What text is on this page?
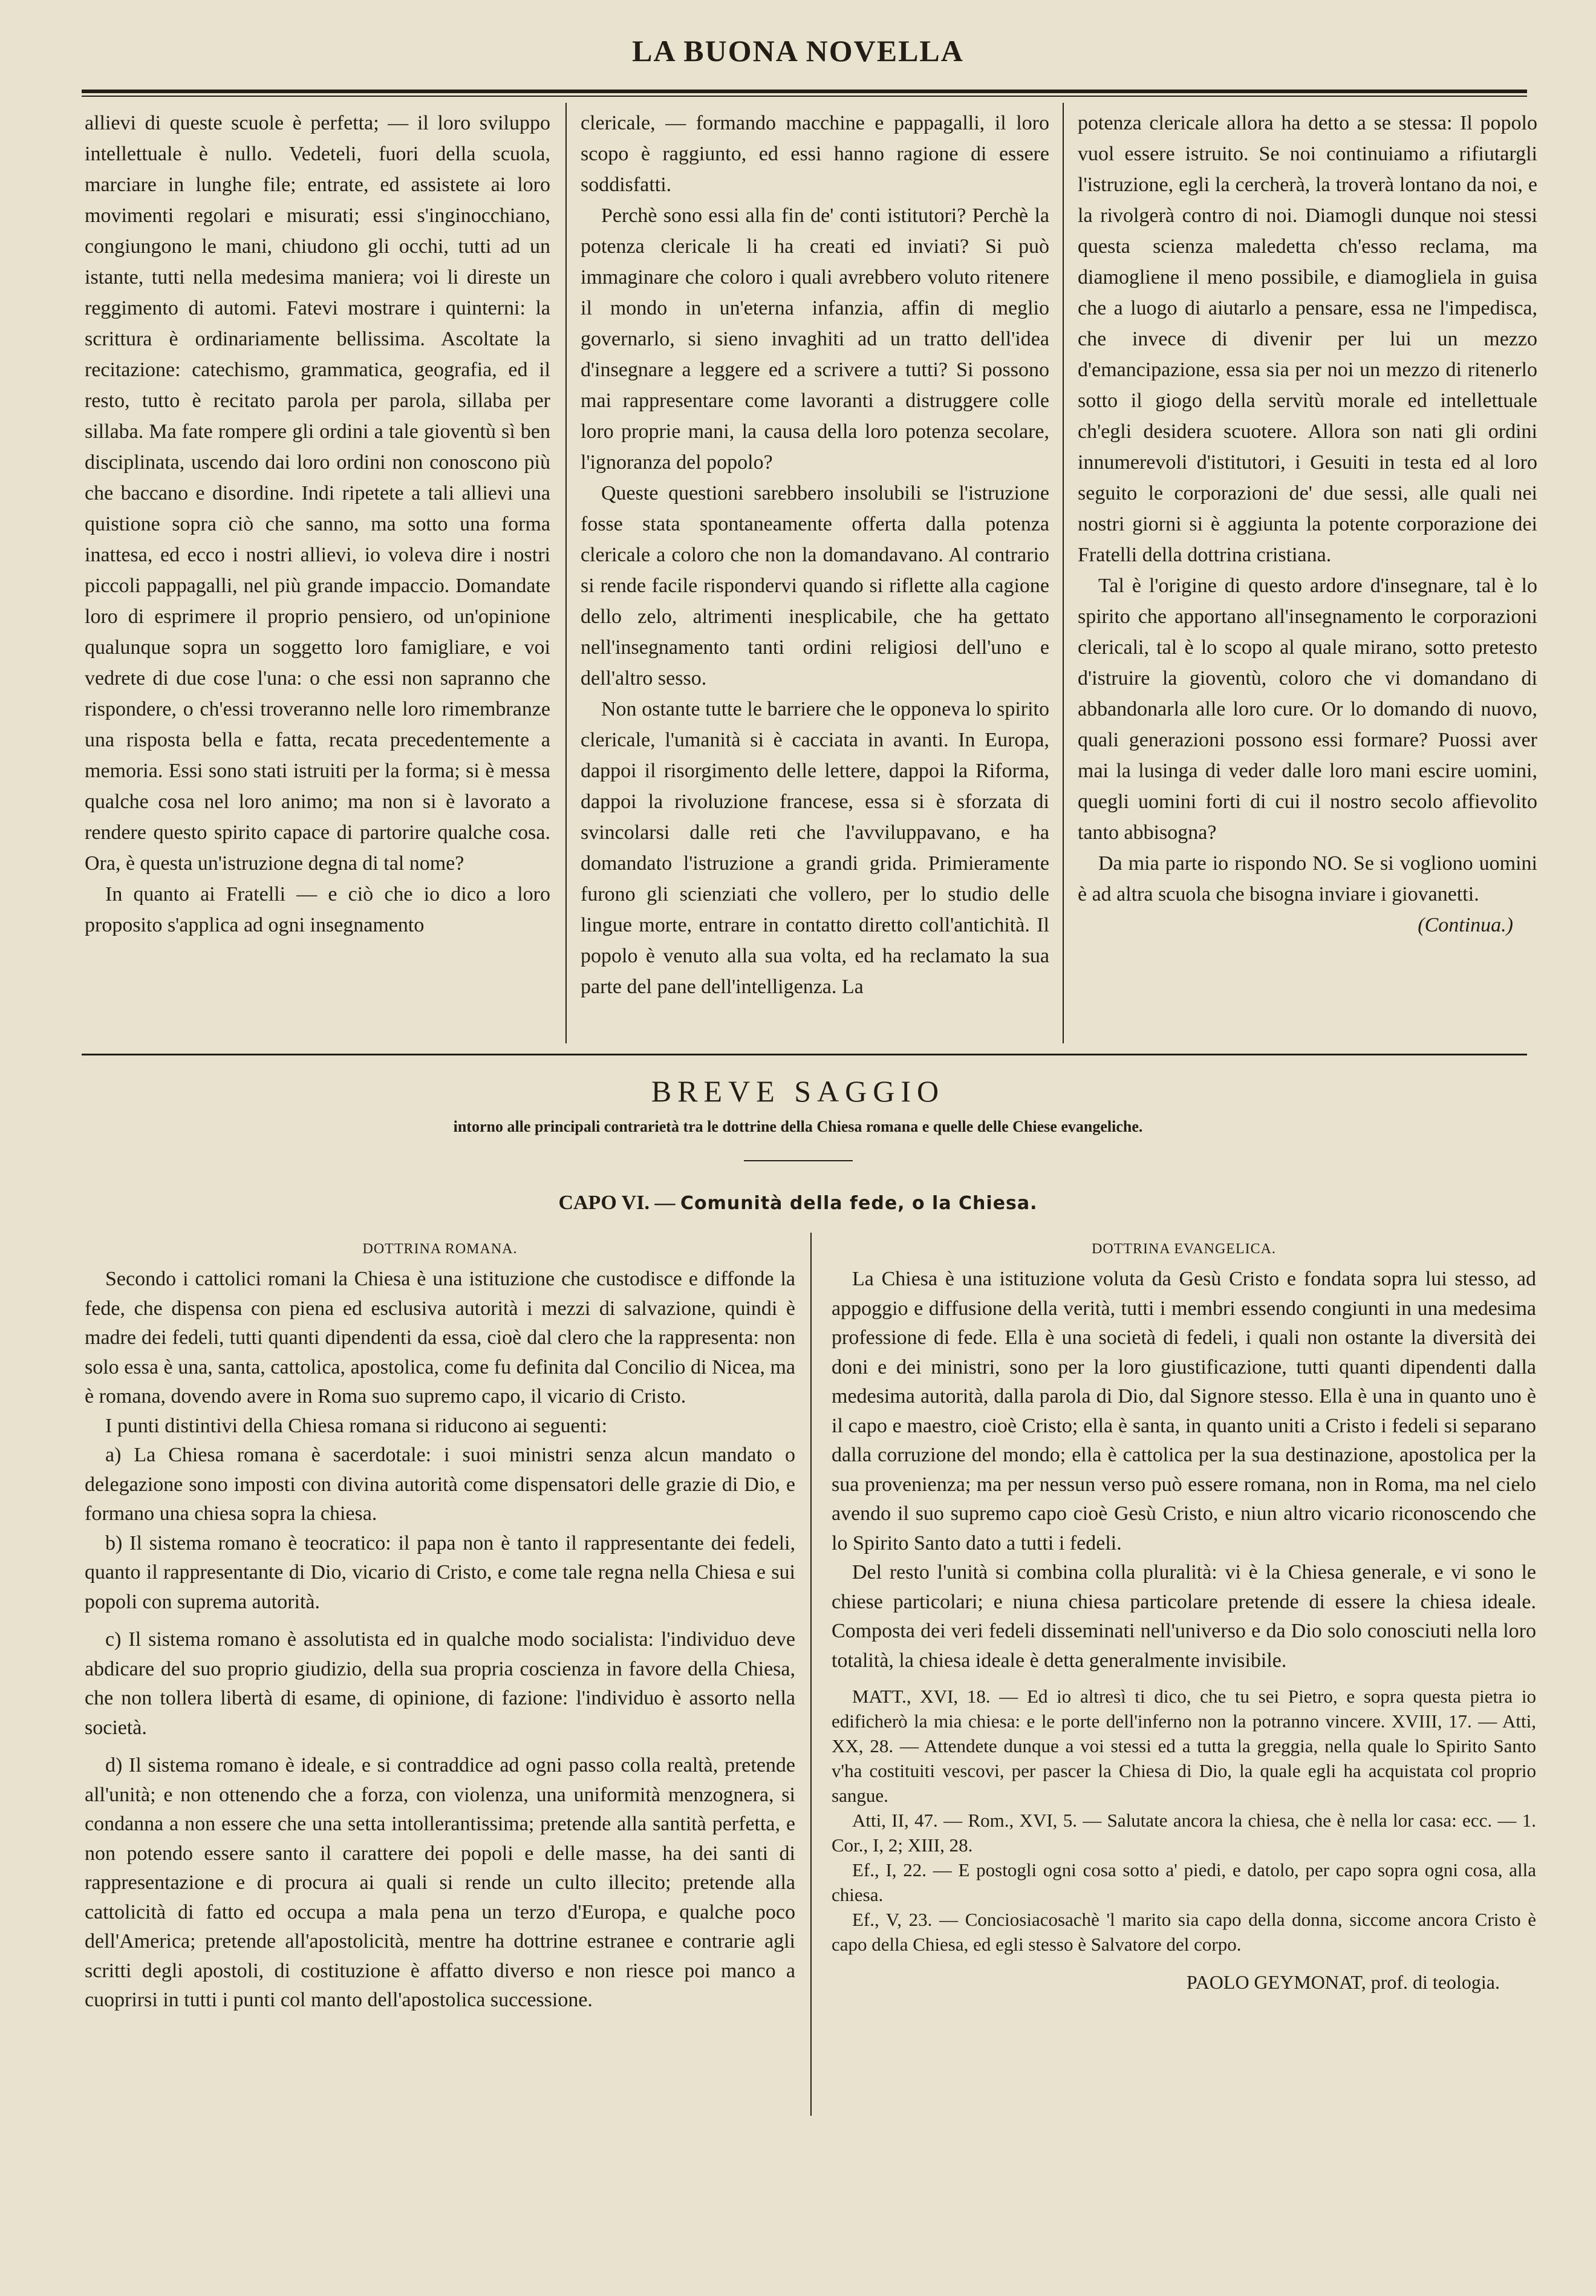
LA BUONA NOVELLA

allievi di queste scuole è perfetta; — il loro sviluppo intellettuale è nullo. Vedeteli, fuori della scuola, marciare in lunghe file; entrate, ed assistete ai loro movimenti regolari e misurati; essi s'inginocchiano, congiungono le mani, chiudono gli occhi, tutti ad un istante, tutti nella medesima maniera; voi li direste un reggimento di automi. Fatevi mostrare i quinterni: la scrittura è ordinariamente bellissima. Ascoltate la recitazione: catechismo, grammatica, geografia, ed il resto, tutto è recitato parola per parola, sillaba per sillaba. Ma fate rompere gli ordini a tale gioventù sì ben disciplinata, uscendo dai loro ordini non conoscono più che baccano e disordine. Indi ripetete a tali allievi una quistione sopra ciò che sanno, ma sotto una forma inattesa, ed ecco i nostri allievi, io voleva dire i nostri piccoli pappagalli, nel più grande impaccio. Domandate loro di esprimere il proprio pensiero, od un'opinione qualunque sopra un soggetto loro famigliare, e voi vedrete di due cose l'una: o che essi non sapranno che rispondere, o ch'essi troveranno nelle loro rimembranze una risposta bella e fatta, recata precedentemente a memoria. Essi sono stati istruiti per la forma; si è messa qualche cosa nel loro animo; ma non si è lavorato a rendere questo spirito capace di partorire qualche cosa. Ora, è questa un'istruzione degna di tal nome?

In quanto ai Fratelli — e ciò che io dico a loro proposito s'applica ad ogni insegnamento

clericale, — formando macchine e pappagalli, il loro scopo è raggiunto, ed essi hanno ragione di essere soddisfatti.

Perchè sono essi alla fin de' conti istitutori? Perchè la potenza clericale li ha creati ed inviati? Si può immaginare che coloro i quali avrebbero voluto ritenere il mondo in un'eterna infanzia, affin di meglio governarlo, si sieno invaghiti ad un tratto dell'idea d'insegnare a leggere ed a scrivere a tutti? Si possono mai rappresentare come lavoranti a distruggere colle loro proprie mani, la causa della loro potenza secolare, l'ignoranza del popolo?

Queste questioni sarebbero insolubili se l'istruzione fosse stata spontaneamente offerta dalla potenza clericale a coloro che non la domandavano. Al contrario si rende facile rispondervi quando si riflette alla cagione dello zelo, altrimenti inesplicabile, che ha gettato nell'insegnamento tanti ordini religiosi dell'uno e dell'altro sesso.

Non ostante tutte le barriere che le opponeva lo spirito clericale, l'umanità si è cacciata in avanti. In Europa, dappoi il risorgimento delle lettere, dappoi la Riforma, dappoi la rivoluzione francese, essa si è sforzata di svincolarsi dalle reti che l'avviluppavano, e ha domandato l'istruzione a grandi grida. Primieramente furono gli scienziati che vollero, per lo studio delle lingue morte, entrare in contatto diretto coll'antichità. Il popolo è venuto alla sua volta, ed ha reclamato la sua parte del pane dell'intelligenza. La

potenza clericale allora ha detto a se stessa: Il popolo vuol essere istruito. Se noi continuiamo a rifiutargli l'istruzione, egli la cercherà, la troverà lontano da noi, e la rivolgerà contro di noi. Diamogli dunque noi stessi questa scienza maledetta ch'esso reclama, ma diamogliene il meno possibile, e diamogliela in guisa che a luogo di aiutarlo a pensare, essa ne l'impedisca, che invece di divenir per lui un mezzo d'emancipazione, essa sia per noi un mezzo di ritenerlo sotto il giogo della servitù morale ed intellettuale ch'egli desidera scuotere. Allora son nati gli ordini innumerevoli d'istitutori, i Gesuiti in testa ed al loro seguito le corporazioni de' due sessi, alle quali nei nostri giorni si è aggiunta la potente corporazione dei Fratelli della dottrina cristiana.

Tal è l'origine di questo ardore d'insegnare, tal è lo spirito che apportano all'insegnamento le corporazioni clericali, tal è lo scopo al quale mirano, sotto pretesto d'istruire la gioventù, coloro che vi domandano di abbandonarla alle loro cure. Or lo domando di nuovo, quali generazioni possono essi formare? Puossi aver mai la lusinga di veder dalle loro mani escire uomini, quegli uomini forti di cui il nostro secolo affievolito tanto abbisogna?

Da mia parte io rispondo NO. Se si vogliono uomini è ad altra scuola che bisogna inviare i giovanetti.

(Continua.)

BREVE SAGGIO
intorno alle principali contrarietà tra le dottrine della Chiesa romana e quelle delle Chiese evangeliche.
CAPO VI. — Comunità della fede, o la Chiesa.
DOTTRINA ROMANA.

Secondo i cattolici romani la Chiesa è una istituzione che custodisce e diffonde la fede, che dispensa con piena ed esclusiva autorità i mezzi di salvazione, quindi è madre dei fedeli, tutti quanti dipendenti da essa, cioè dal clero che la rappresenta: non solo essa è una, santa, cattolica, apostolica, come fu definita dal Concilio di Nicea, ma è romana, dovendo avere in Roma suo supremo capo, il vicario di Cristo.

I punti distintivi della Chiesa romana si riducono ai seguenti:

a) La Chiesa romana è sacerdotale: i suoi ministri senza alcun mandato o delegazione sono imposti con divina autorità come dispensatori delle grazie di Dio, e formano una chiesa sopra la chiesa.

b) Il sistema romano è teocratico: il papa non è tanto il rappresentante dei fedeli, quanto il rappresentante di Dio, vicario di Cristo, e come tale regna nella Chiesa e sui popoli con suprema autorità.

c) Il sistema romano è assolutista ed in qualche modo socialista: l'individuo deve abdicare del suo proprio giudizio, della sua propria coscienza in favore della Chiesa, che non tollera libertà di esame, di opinione, di fazione: l'individuo è assorto nella società.

d) Il sistema romano è ideale, e si contraddice ad ogni passo colla realtà, pretende all'unità; e non ottenendo che a forza, con violenza, una uniformità menzognera, si condanna a non essere che una setta intollerantissima; pretende alla santità perfetta, e non potendo essere santo il carattere dei popoli e delle masse, ha dei santi di rappresentazione e di procura ai quali si rende un culto illecito; pretende alla cattolicità di fatto ed occupa a mala pena un terzo d'Europa, e qualche poco dell'America; pretende all'apostolicità, mentre ha dottrine estranee e contrarie agli scritti degli apostoli, di costituzione è affatto diverso e non riesce poi manco a cuoprirsi in tutti i punti col manto dell'apostolica successione.

DOTTRINA EVANGELICA.

La Chiesa è una istituzione voluta da Gesù Cristo e fondata sopra lui stesso, ad appoggio e diffusione della verità, tutti i membri essendo congiunti in una medesima professione di fede. Ella è una società di fedeli, i quali non ostante la diversità dei doni e dei ministri, sono per la loro giustificazione, tutti quanti dipendenti dalla medesima autorità, dalla parola di Dio, dal Signore stesso. Ella è una in quanto uno è il capo e maestro, cioè Cristo; ella è santa, in quanto uniti a Cristo i fedeli si separano dalla corruzione del mondo; ella è cattolica per la sua destinazione, apostolica per la sua provenienza; ma per nessun verso può essere romana, non in Roma, ma nel cielo avendo il suo supremo capo cioè Gesù Cristo, e niun altro vicario riconoscendo che lo Spirito Santo dato a tutti i fedeli.

Del resto l'unità si combina colla pluralità: vi è la Chiesa generale, e vi sono le chiese particolari; e niuna chiesa particolare pretende di essere la chiesa ideale. Composta dei veri fedeli disseminati nell'universo e da Dio solo conosciuti nella loro totalità, la chiesa ideale è detta generalmente invisibile.

MATT., XVI, 18. — Ed io altresì ti dico, che tu sei Pietro, e sopra questa pietra io edificherò la mia chiesa: e le porte dell'inferno non la potranno vincere. XVIII, 17. — Atti, XX, 28. — Attendete dunque a voi stessi ed a tutta la greggia, nella quale lo Spirito Santo v'ha costituiti vescovi, per pascer la Chiesa di Dio, la quale egli ha acquistata col proprio sangue.

Atti, II, 47. — Rom., XVI, 5. — Salutate ancora la chiesa, che è nella lor casa: ecc. — 1. Cor., I, 2; XIII, 28.

Ef., I, 22. — E postogli ogni cosa sotto a' piedi, e datolo, per capo sopra ogni cosa, alla chiesa.

Ef., V, 23. — Conciosiacosachè 'l marito sia capo della donna, siccome ancora Cristo è capo della Chiesa, ed egli stesso è Salvatore del corpo.

PAOLO GEYMONAT, prof. di teologia.
